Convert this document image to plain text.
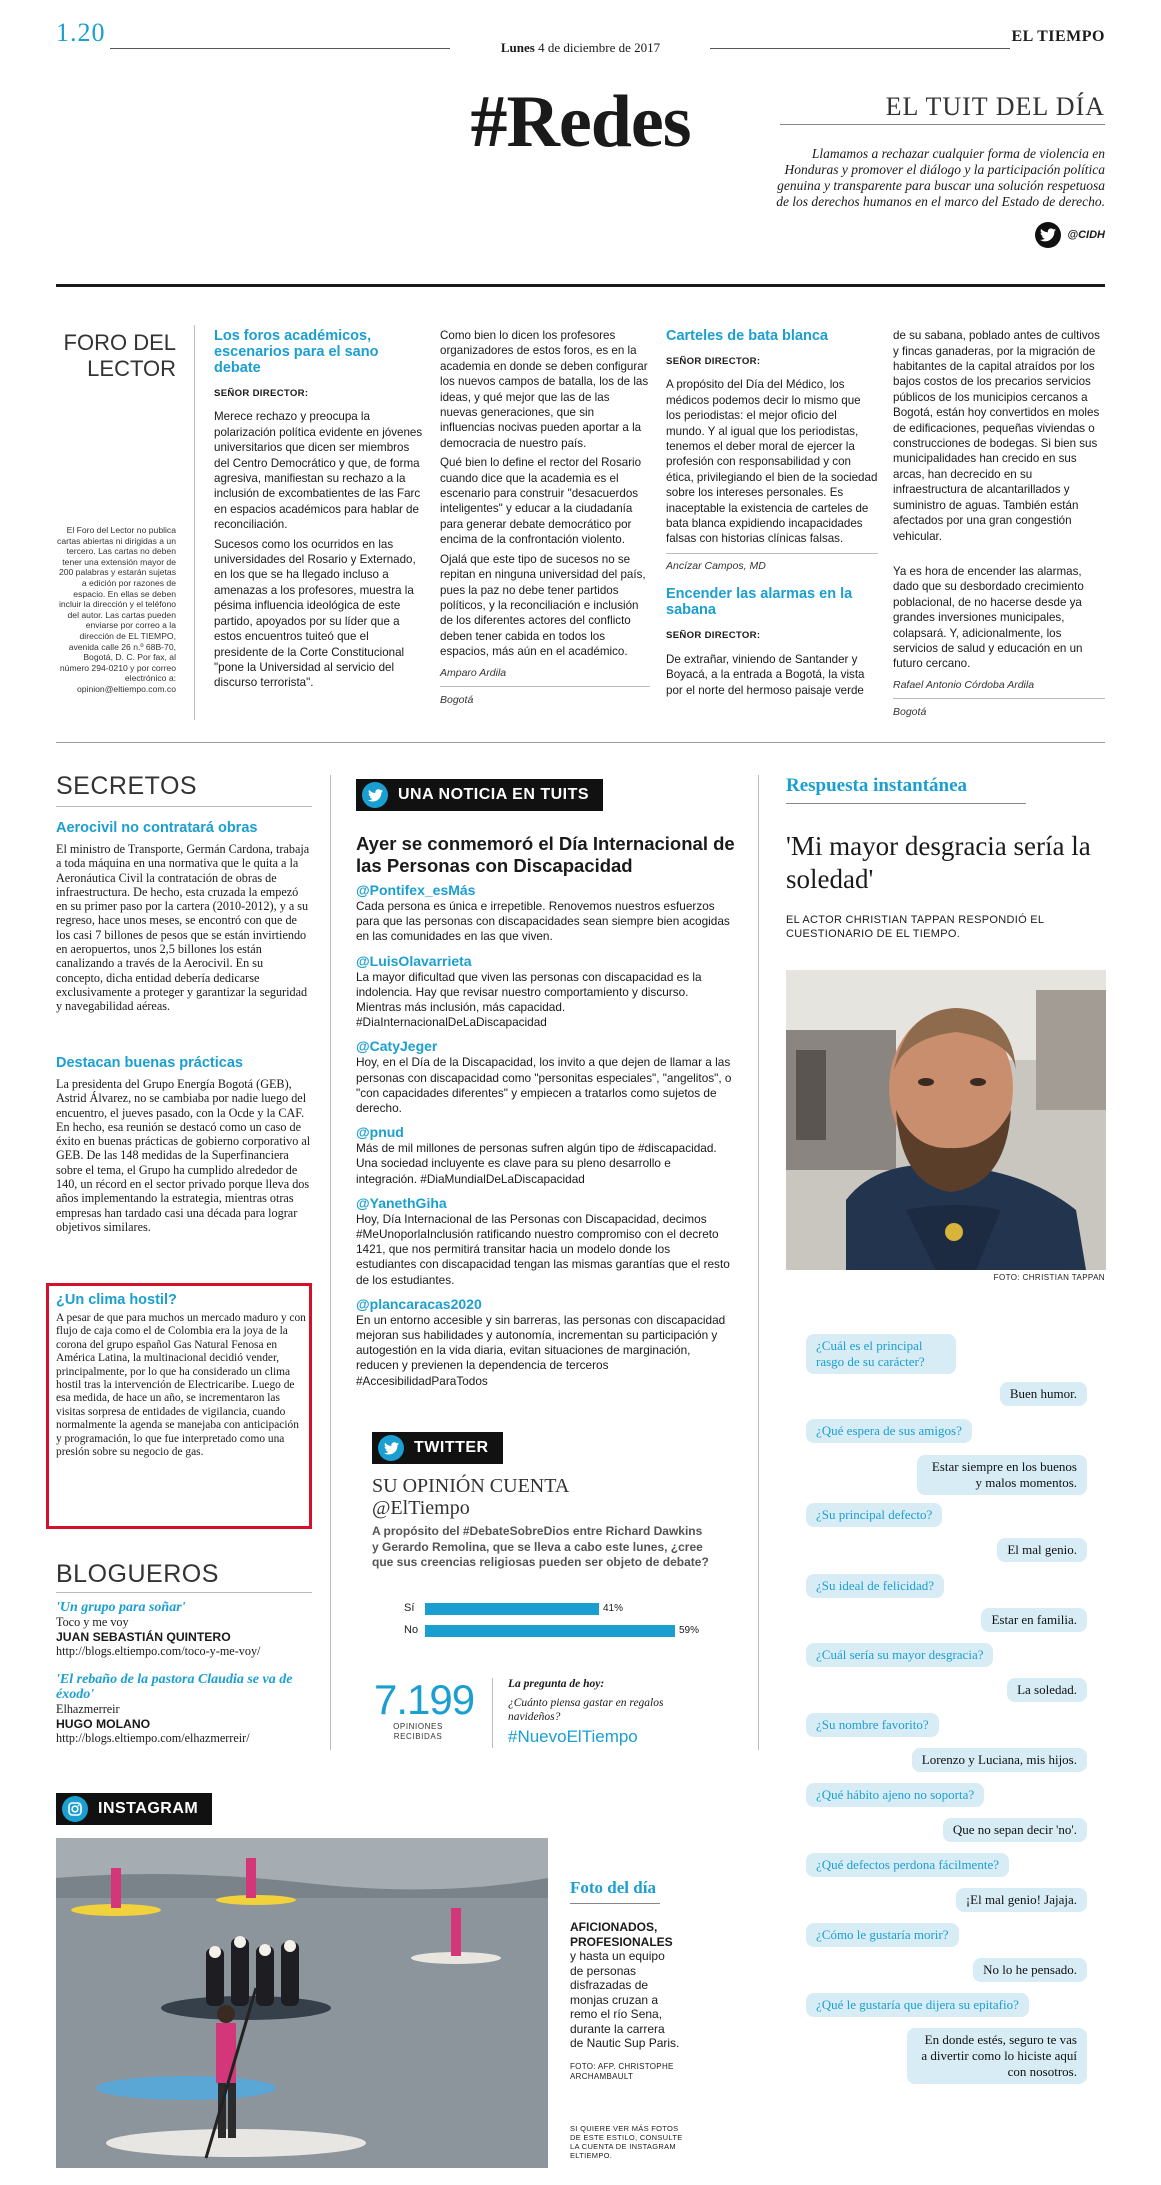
1.20
Lunes 4 de diciembre de 2017
EL TIEMPO
#Redes	EL TUIT DEL DÍA
Llamamos a rechazar cualquier forma de violencia en Honduras y promover el diálogo y la participación política genuina y transparente para buscar una solución respetuosa de los derechos humanos en el marco del Estado de derecho.
@CIDH
FORO DEL LECTOR
El Foro del Lector no publica cartas abiertas ni dirigidas a un tercero. Las cartas no deben tener una extensión mayor de 200 palabras y estarán sujetas a edición por razones de espacio. En ellas se deben incluir la dirección y el teléfono del autor. Las cartas pueden enviarse por correo a la dirección de EL TIEMPO, avenida calle 26 n.º 68B-70, Bogotá, D. C. Por fax, al número 294-0210 y por correo electrónico a: opinion@eltiempo.com.co
Los foros académicos, escenarios para el sano debate
SEÑOR DIRECTOR:

Merece rechazo y preocupa la polarización política evidente en jóvenes universitarios que dicen ser miembros del Centro Democrático y que, de forma agresiva, manifiestan su rechazo a la inclusión de excombatientes de las Farc en espacios académicos para hablar de reconciliación.

Sucesos como los ocurridos en las universidades del Rosario y Externado, en los que se ha llegado incluso a amenazas a los profesores, muestra la pésima influencia ideológica de este partido, apoyados por su líder que a estos encuentros tuiteó que el presidente de la Corte Constitucional "pone la Universidad al servicio del discurso terrorista".

Como bien lo dicen los profesores organizadores de estos foros, es en la academia en donde se deben configurar los nuevos campos de batalla, los de las ideas, y qué mejor que las de las nuevas generaciones, que sin influencias nocivas pueden aportar a la democracia de nuestro país.

Qué bien lo define el rector del Rosario cuando dice que la academia es el escenario para construir "desacuerdos inteligentes" y educar a la ciudadanía para generar debate democrático por encima de la confrontación violento.

Ojalá que este tipo de sucesos no se repitan en ninguna universidad del país, pues la paz no debe tener partidos políticos, y la reconciliación e inclusión de los diferentes actores del conflicto deben tener cabida en todos los espacios, más aún en el académico.

Amparo Ardila
Bogotá
Carteles de bata blanca
SEÑOR DIRECTOR:

A propósito del Día del Médico, los médicos podemos decir lo mismo que los periodistas: el mejor oficio del mundo. Y al igual que los periodistas, tenemos el deber moral de ejercer la profesión con responsabilidad y con ética, privilegiando el bien de la sociedad sobre los intereses personales. Es inaceptable la existencia de carteles de bata blanca expidiendo incapacidades falsas con historias clínicas falsas.

Ancízar Campos, MD
Encender las alarmas en la sabana
SEÑOR DIRECTOR:

De extrañar, viniendo de Santander y Boyacá, a la entrada a Bogotá, la vista por el norte del hermoso paisaje verde

de su sabana, poblado antes de cultivos y fincas ganaderas, por la migración de habitantes de la capital atraídos por los bajos costos de los precarios servicios públicos de los municipios cercanos a Bogotá, están hoy convertidos en moles de edificaciones, pequeñas viviendas o construcciones de bodegas. Si bien sus municipalidades han crecido en sus arcas, han decrecido en su infraestructura de alcantarillados y suministro de aguas. También están afectados por una gran congestión vehicular.

Ya es hora de encender las alarmas, dado que su desbordado crecimiento poblacional, de no hacerse desde ya grandes inversiones municipales, colapsará. Y, adicionalmente, los servicios de salud y educación en un futuro cercano.

Rafael Antonio Córdoba Ardila
Bogotá
SECRETOS
Aerocivil no contratará obras
El ministro de Transporte, Germán Cardona, trabaja a toda máquina en una normativa que le quita a la Aeronáutica Civil la contratación de obras de infraestructura. De hecho, esta cruzada la empezó en su primer paso por la cartera (2010-2012), y a su regreso, hace unos meses, se encontró con que de los casi 7 billones de pesos que se están invirtiendo en aeropuertos, unos 2,5 billones los están canalizando a través de la Aerocivil. En su concepto, dicha entidad debería dedicarse exclusivamente a proteger y garantizar la seguridad y navegabilidad aéreas.
Destacan buenas prácticas
La presidenta del Grupo Energía Bogotá (GEB), Astrid Álvarez, no se cambiaba por nadie luego del encuentro, el jueves pasado, con la Ocde y la CAF. En hecho, esa reunión se destacó como un caso de éxito en buenas prácticas de gobierno corporativo al GEB. De las 148 medidas de la Superfinanciera sobre el tema, el Grupo ha cumplido alrededor de 140, un récord en el sector privado porque lleva dos años implementando la estrategia, mientras otras empresas han tardado casi una década para lograr objetivos similares.
¿Un clima hostil?
A pesar de que para muchos un mercado maduro y con flujo de caja como el de Colombia era la joya de la corona del grupo español Gas Natural Fenosa en América Latina, la multinacional decidió vender, principalmente, por lo que ha considerado un clima hostil tras la intervención de Electricaribe. Luego de esa medida, de hace un año, se incrementaron las visitas sorpresa de entidades de vigilancia, cuando normalmente la agenda se manejaba con anticipación y programación, lo que fue interpretado como una presión sobre su negocio de gas.
BLOGUEROS
'Un grupo para soñar'
Toco y me voy
JUAN SEBASTIÁN QUINTERO
http://blogs.eltiempo.com/toco-y-me-voy/
'El rebaño de la pastora Claudia se va de éxodo'
Elhazmerreir
HUGO MOLANO
http://blogs.eltiempo.com/elhazmerreir/
UNA NOTICIA EN TUITS
Ayer se conmemoró el Día Internacional de las Personas con Discapacidad
@Pontifex_esMás
Cada persona es única e irrepetible. Renovemos nuestros esfuerzos para que las personas con discapacidades sean siempre bien acogidas en las comunidades en las que viven.
@LuisOlavarrieta
La mayor dificultad que viven las personas con discapacidad es la indolencia. Hay que revisar nuestro comportamiento y discurso. Mientras más inclusión, más capacidad. #DiaInternacionalDeLaDiscapacidad
@CatyJeger
Hoy, en el Día de la Discapacidad, los invito a que dejen de llamar a las personas con discapacidad como "personitas especiales", "angelitos", o "con capacidades diferentes" y empiecen a tratarlos como sujetos de derecho.
@pnud
Más de mil millones de personas sufren algún tipo de #discapacidad. Una sociedad incluyente es clave para su pleno desarrollo e integración. #DiaMundialDeLaDiscapacidad
@YanethGiha
Hoy, Día Internacional de las Personas con Discapacidad, decimos #MeUnoporlaInclusión ratificando nuestro compromiso con el decreto 1421, que nos permitirá transitar hacia un modelo donde los estudiantes con discapacidad tengan las mismas garantías que el resto de los estudiantes.
@plancaracas2020
En un entorno accesible y sin barreras, las personas con discapacidad mejoran sus habilidades y autonomía, incrementan su participación y autogestión en la vida diaria, evitan situaciones de marginación, reducen y previenen la dependencia de terceros #AccesibilidadParaTodos
TWITTER
SU OPINIÓN CUENTA
@ElTiempo
A propósito del #DebateSobreDios entre Richard Dawkins y Gerardo Remolina, que se lleva a cabo este lunes, ¿cree que sus creencias religiosas pueden ser objeto de debate?
Sí	41%
No	59%
7.199
OPINIONES RECIBIDAS
La pregunta de hoy:
¿Cuánto piensa gastar en regalos navideños?
#NuevoElTiempo
Respuesta instantánea
'Mi mayor desgracia sería la soledad'
EL ACTOR CHRISTIAN TAPPAN RESPONDIÓ EL CUESTIONARIO DE EL TIEMPO.
FOTO: CHRISTIAN TAPPAN
¿Cuál es el principal rasgo de su carácter?
Buen humor.
¿Qué espera de sus amigos?
Estar siempre en los buenos y malos momentos.
¿Su principal defecto?
El mal genio.
¿Su ideal de felicidad?
Estar en familia.
¿Cuál sería su mayor desgracia?
La soledad.
¿Su nombre favorito?
Lorenzo y Luciana, mis hijos.
¿Qué hábito ajeno no soporta?
Que no sepan decir 'no'.
¿Qué defectos perdona fácilmente?
¡El mal genio! Jajaja.
¿Cómo le gustaría morir?
No lo he pensado.
¿Qué le gustaría que dijera su epitafio?
En donde estés, seguro te vas a divertir como lo hiciste aquí con nosotros.
INSTAGRAM
Foto del día
AFICIONADOS, PROFESIONALES y hasta un equipo de personas disfrazadas de monjas cruzan a remo el río Sena, durante la carrera de Nautic Sup Paris.
FOTO: AFP. CHRISTOPHE ARCHAMBAULT
SI QUIERE VER MÁS FOTOS DE ESTE ESTILO, CONSULTE LA CUENTA DE INSTAGRAM ELTIEMPO.
